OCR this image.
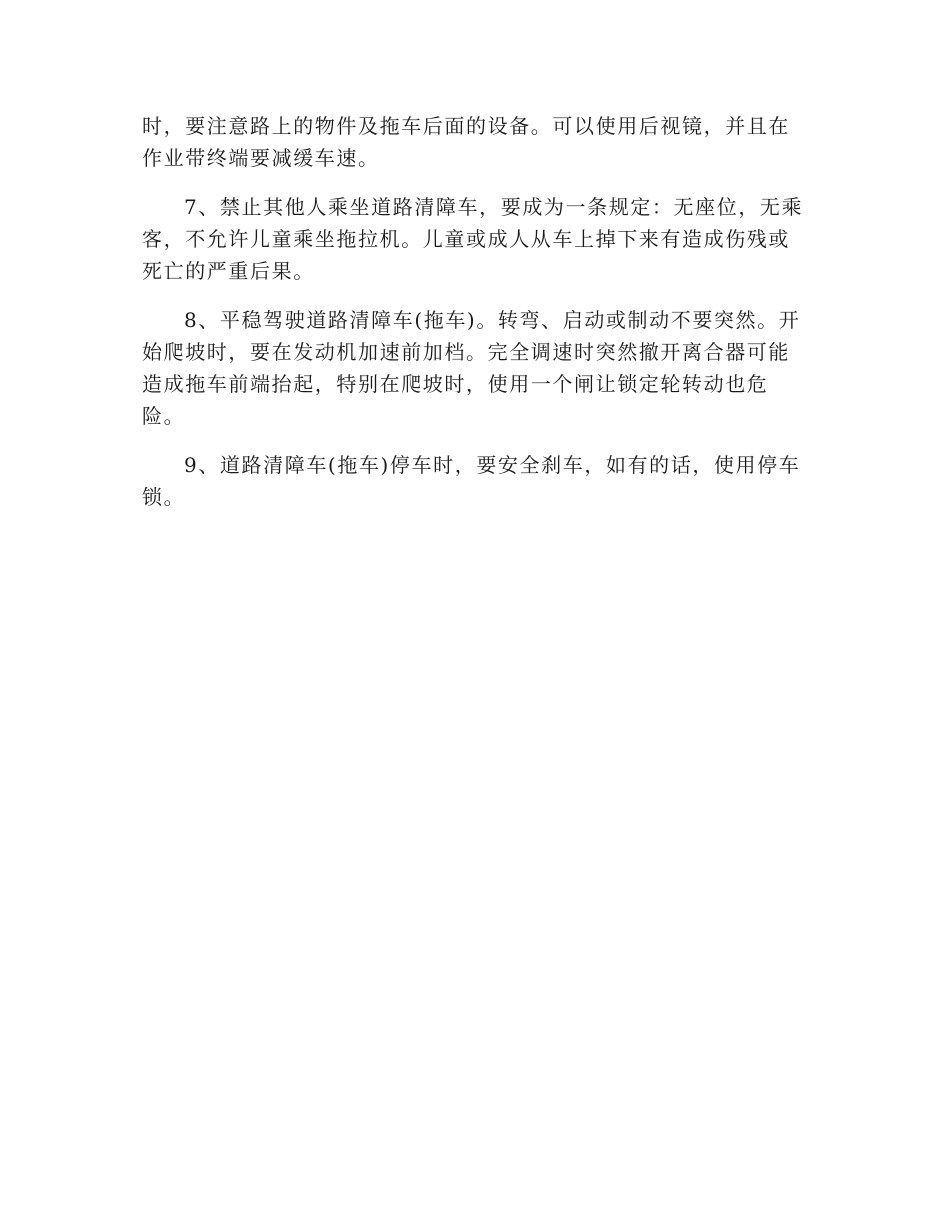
时，要注意路上的物件及拖车后面的设备。可以使用后视镜，并且在
作业带终端要减缓车速。

7、禁止其他人乘坐道路清障车，要成为一条规定：无座位，无乘
客，不允许儿童乘坐拖拉机。儿童或成人从车上掉下来有造成伤残或
死亡的严重后果。

8、平稳驾驶道路清障车(拖车)。转弯、启动或制动不要突然。开
始爬坡时，要在发动机加速前加档。完全调速时突然撤开离合器可能
造成拖车前端抬起，特别在爬坡时，使用一个闸让锁定轮转动也危
险。

9、道路清障车(拖车)停车时，要安全刹车，如有的话，使用停车
锁。
